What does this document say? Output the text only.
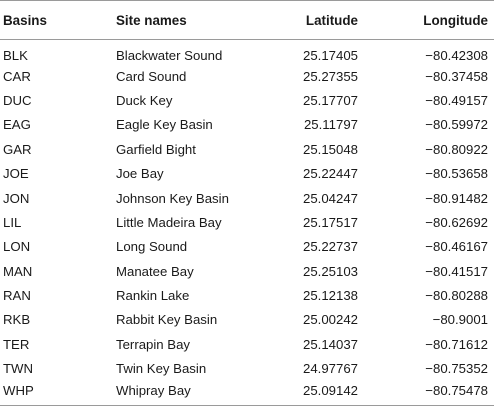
Basins	Site names	Latitude	Longitude
BLK	Blackwater Sound	25.17405	−80.42308
CAR	Card Sound	25.27355	−80.37458
DUC	Duck Key	25.17707	−80.49157
EAG	Eagle Key Basin	25.11797	−80.59972
GAR	Garfield Bight	25.15048	−80.80922
JOE	Joe Bay	25.22447	−80.53658
JON	Johnson Key Basin	25.04247	−80.91482
LIL	Little Madeira Bay	25.17517	−80.62692
LON	Long Sound	25.22737	−80.46167
MAN	Manatee Bay	25.25103	−80.41517
RAN	Rankin Lake	25.12138	−80.80288
RKB	Rabbit Key Basin	25.00242	−80.9001
TER	Terrapin Bay	25.14037	−80.71612
TWN	Twin Key Basin	24.97767	−80.75352
WHP	Whipray Bay	25.09142	−80.75478
